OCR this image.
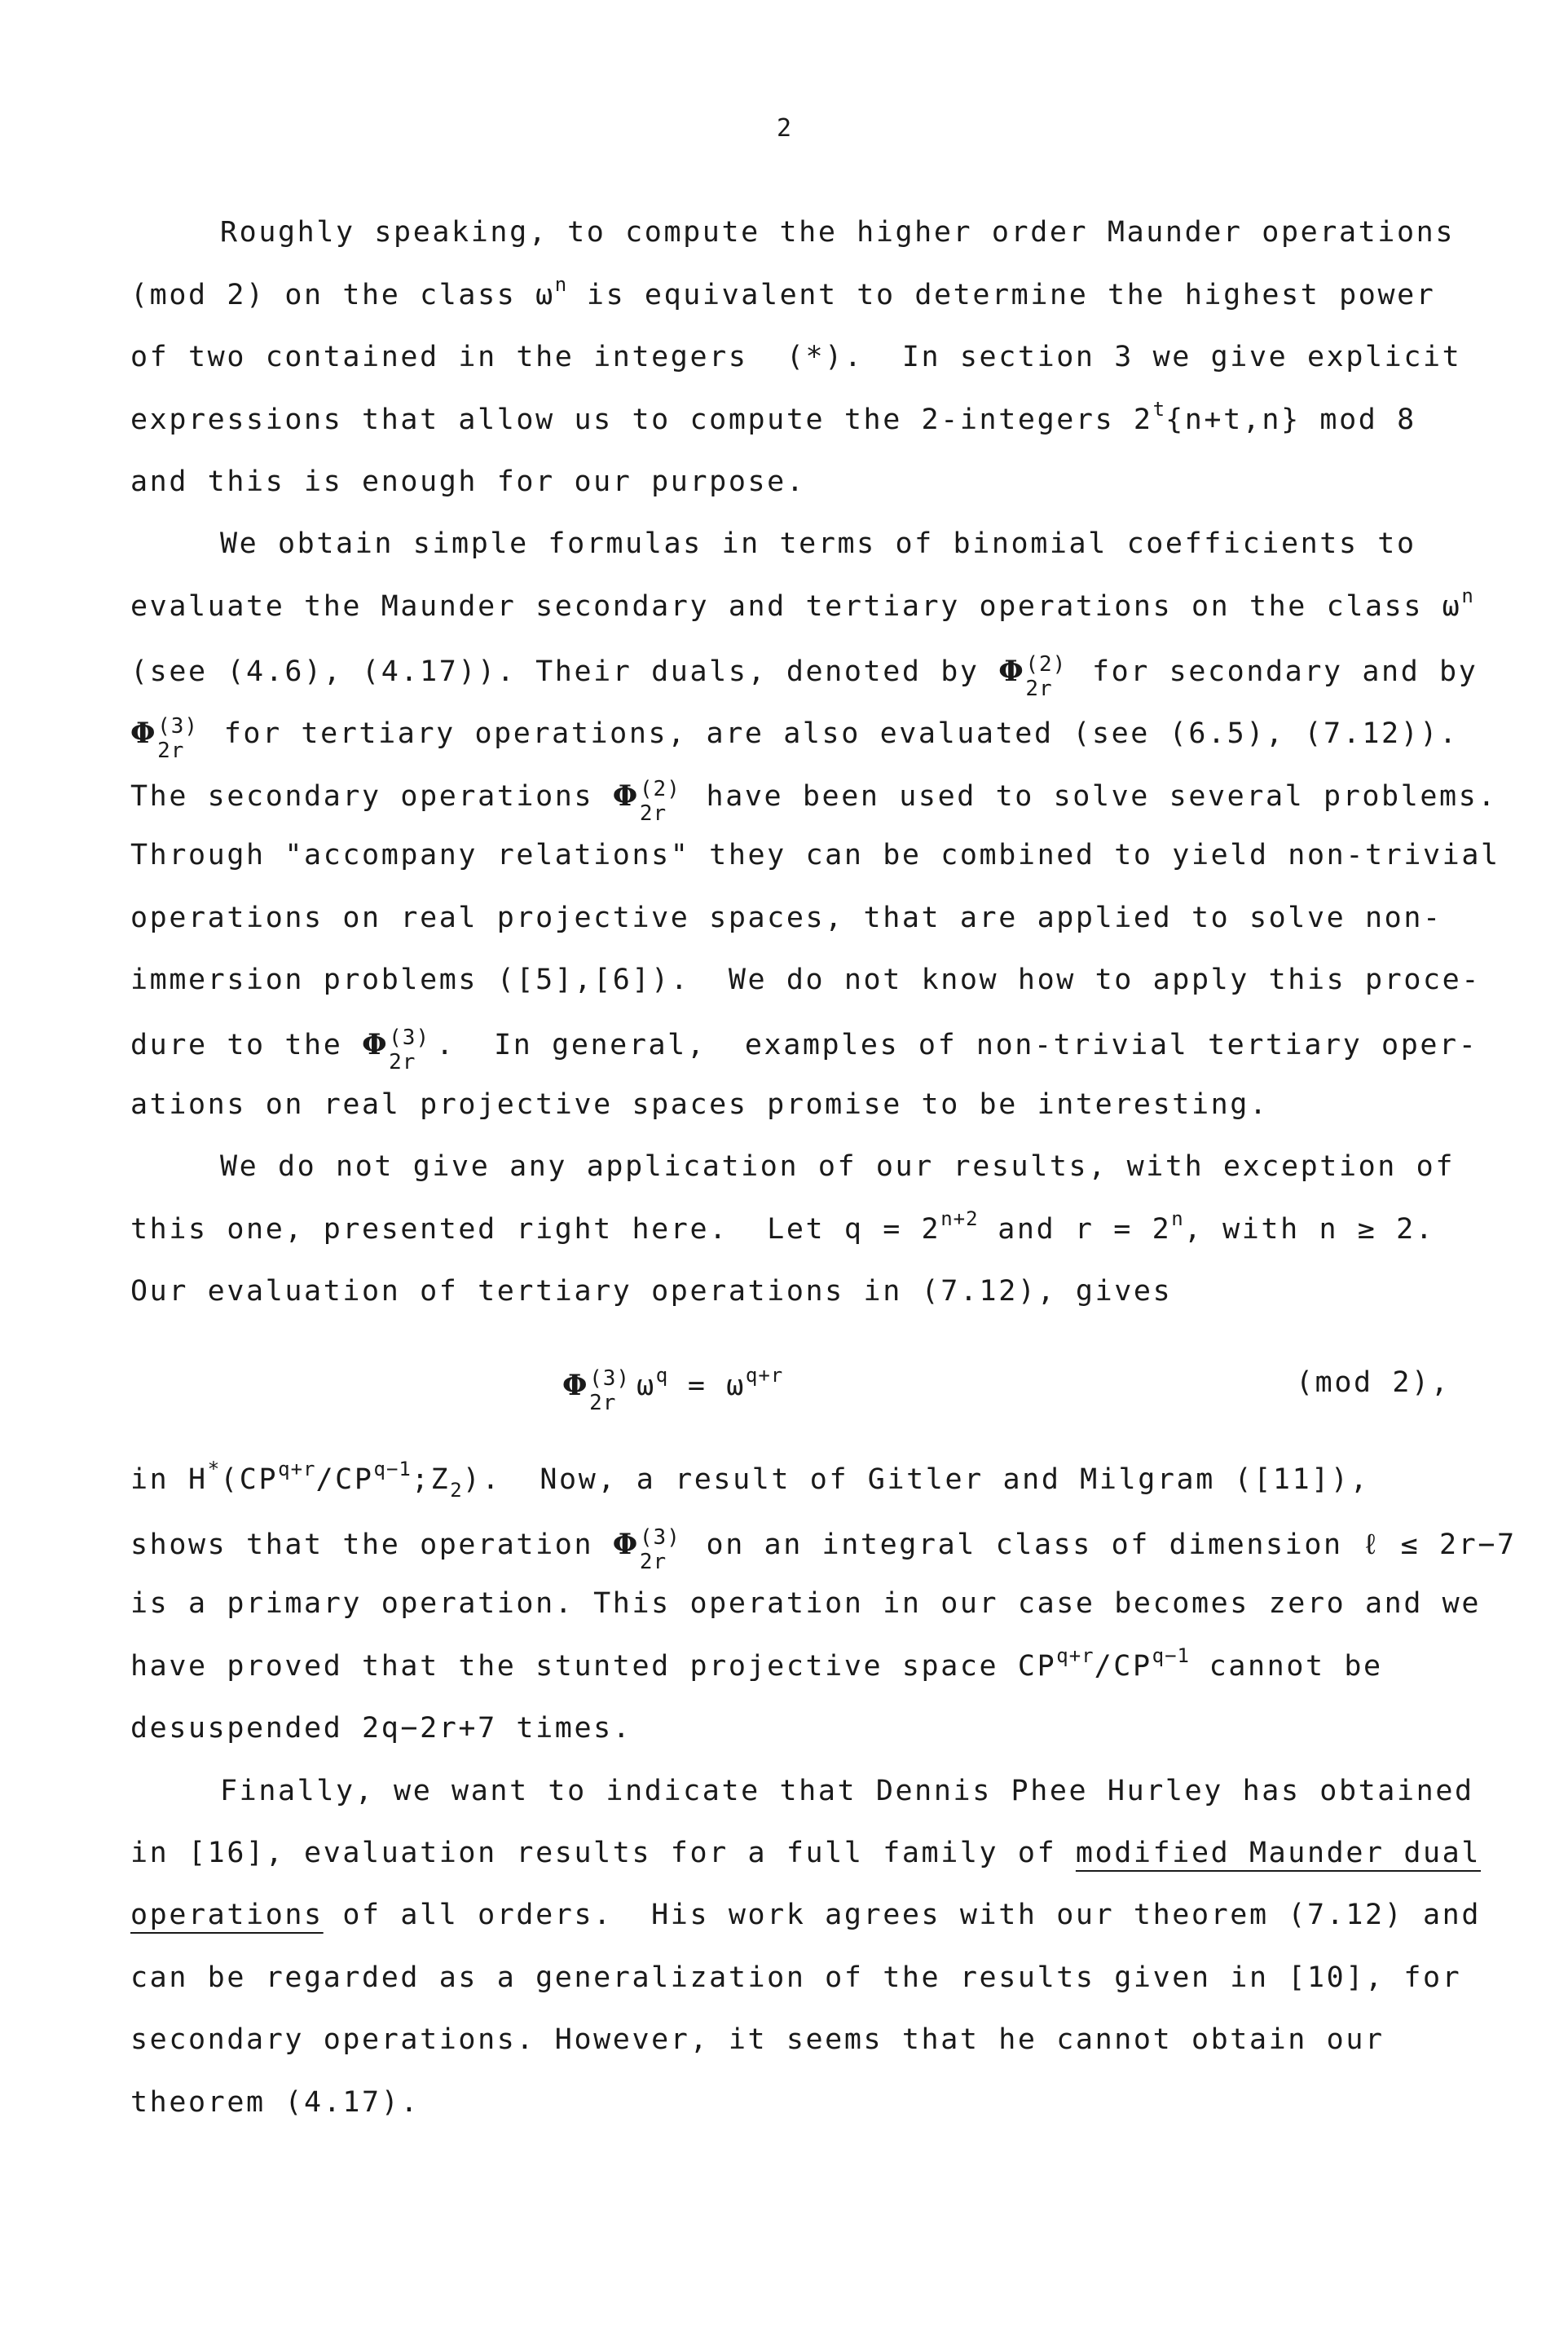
2
Roughly speaking, to compute the higher order Maunder operations
(mod 2) on the class $\omega^n$ is equivalent to determine the highest power
of two contained in the integers  (*).  In section 3 we give explicit
expressions that allow us to compute the 2-integers $2^t\{n+t,n\}$ mod 8
and this is enough for our purpose.
We obtain simple formulas in terms of binomial coefficients to
evaluate the Maunder secondary and tertiary operations on the class $\omega^n$
(see (4.6), (4.17)). Their duals, denoted by Φ (2)
2r
for secondary and by
Φ (3)
2r
for tertiary operations, are also evaluated (see (6.5), (7.12)).
The secondary operations Φ (2)
2r
have been used to solve several problems.
Through "accompany relations" they can be combined to yield non-trivial
operations on real projective spaces, that are applied to solve non-
immersion problems ([5],[6]).  We do not know how to apply this proce-
dure to the Φ (3)
2r
.  In general,  examples of non-trivial tertiary oper-
ations on real projective spaces promise to be interesting.
We do not give any application of our results, with exception of
this one, presented right here.  Let $q = 2^{n+2}$ and $r = 2^n$, with n ≥ 2.
Our evaluation of tertiary operations in (7.12), gives
Φ (3)
2r
$\omega^q = \omega^{q+r}$	(mod 2),
in $H^*(CP^{q+r}/CP^{q-1};Z_2)$.  Now, a result of Gitler and Milgram ([11]),
shows that the operation Φ (3)
2r
on an integral class of dimension ℓ ≤ 2r−7
is a primary operation. This operation in our case becomes zero and we
have proved that the stunted projective space $CP^{q+r}/CP^{q-1}$ cannot be
desuspended 2q−2r+7 times.
Finally, we want to indicate that Dennis Phee Hurley has obtained
in [16], evaluation results for a full family of modified Maunder dual
operations of all orders.  His work agrees with our theorem (7.12) and
can be regarded as a generalization of the results given in [10], for
secondary operations. However, it seems that he cannot obtain our
theorem (4.17).
